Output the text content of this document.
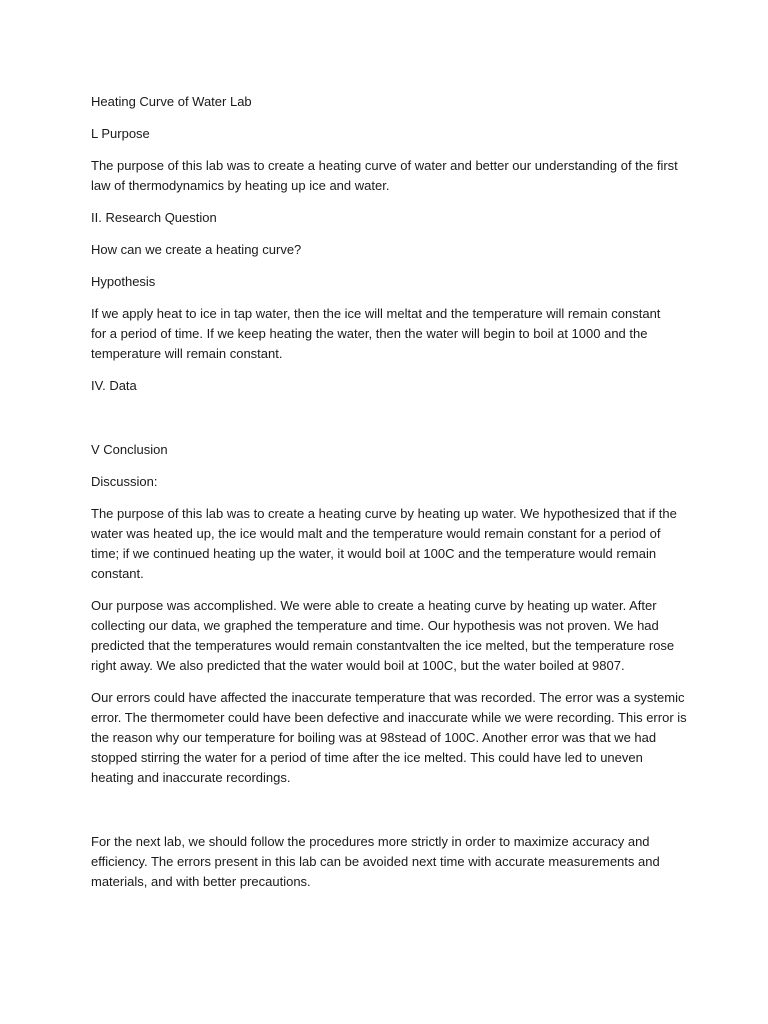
Heating Curve of Water Lab

L Purpose

The purpose of this lab was to create a heating curve of water and better our understanding of the first
law of thermodynamics by heating up ice and water.

II. Research Question

How can we create a heating curve?

Hypothesis

If we apply heat to ice in tap water, then the ice will meltat and the temperature will remain constant
for a period of time. If we keep heating the water, then the water will begin to boil at 1000 and the
temperature will remain constant.

IV. Data

V Conclusion

Discussion:

The purpose of this lab was to create a heating curve by heating up water. We hypothesized that if the
water was heated up, the ice would malt and the temperature would remain constant for a period of
time; if we continued heating up the water, it would boil at 100C and the temperature would remain
constant.
Our purpose was accomplished. We were able to create a heating curve by heating up water. After
collecting our data, we graphed the temperature and time. Our hypothesis was not proven. We had
predicted that the temperatures would remain constantvalten the ice melted, but the temperature rose
right away. We also predicted that the water would boil at 100C, but the water boiled at 9807.
Our errors could have affected the inaccurate temperature that was recorded. The error was a systemic
error. The thermometer could have been defective and inaccurate while we were recording. This error is
the reason why our temperature for boiling was at 98stead of 100C. Another error was that we had
stopped stirring the water for a period of time after the ice melted. This could have led to uneven
heating and inaccurate recordings.
For the next lab, we should follow the procedures more strictly in order to maximize accuracy and
efficiency. The errors present in this lab can be avoided next time with accurate measurements and
materials, and with better precautions.
